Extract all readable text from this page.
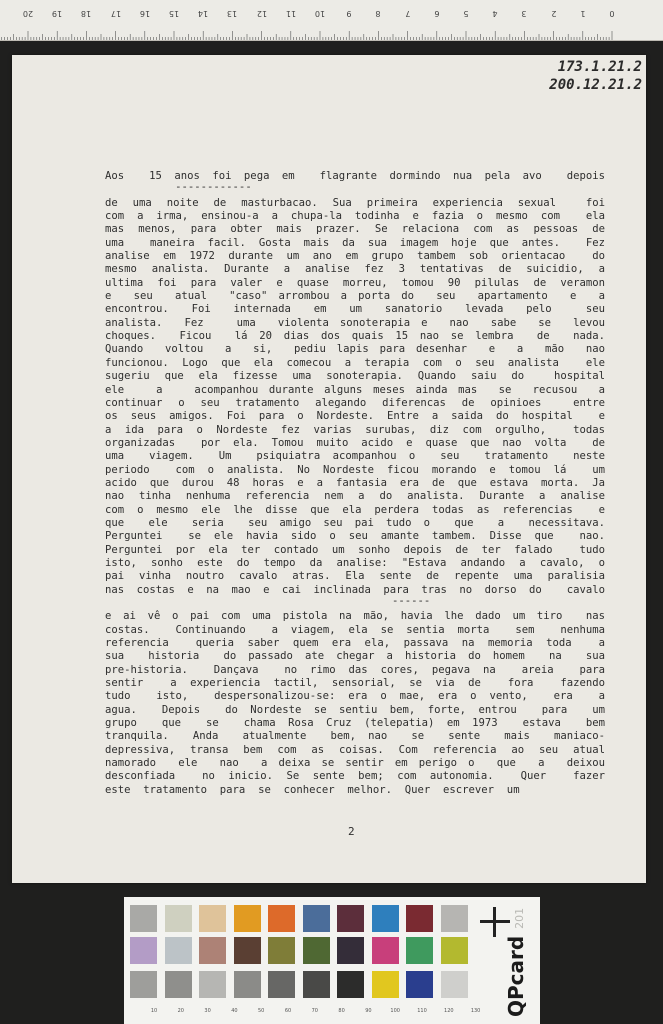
0
1
2
3
4
5
6
7
8
9
10
11
12
13
14
15
16
17
18
19
20
173.1.21.2
200.12.21.2
Aos  15 anos foi pega em  flagrante dormindo nua pela avo  depois
------------
de uma noite de masturbacao. Sua primeira experiencia sexual  foi
com a irma, ensinou-a a chupa-la todinha e fazia o mesmo com  ela
mas menos, para obter mais prazer. Se relaciona com as pessoas de
uma  maneira facil. Gosta mais da sua imagem hoje que antes.  Fez
analise em 1972 durante um ano em grupo tambem sob orientacao  do
mesmo analista. Durante a analise fez 3 tentativas de suicidio, a
ultima foi para valer e quase morreu, tomou 90 pilulas de veramon
e  seu  atual  "caso" arrombou a porta do  seu  apartamento  e  a
encontrou.  Foi  internada  em  um  sanatorio  levada  pelo   seu
analista.  Fez   uma  violenta sonoterapia e  nao  sabe  se  levou
choques.  Ficou  lá 20 dias dos quais 15 nao se lembra  de  nada.
Quando  voltou  a  si,  pediu lapis para desenhar  e  a  mão  nao
funcionou. Logo que ela comecou a terapia com o seu analista  ele
sugeriu que ela fizesse uma sonoterapia. Quando saiu do  hospital
ele   a   acompanhou durante alguns meses ainda mas  se  recusou  a
continuar o seu tratamento alegando diferencas de opinioes  entre
os seus amigos. Foi para o Nordeste. Entre a saida do hospital  e
a ida para o Nordeste fez varias surubas, diz com orgulho,  todas
organizadas  por ela. Tomou muito acido e quase que nao volta  de
uma  viagem.  Um  psiquiatra acompanhou o  seu  tratamento  neste
periodo  com o analista. No Nordeste ficou morando e tomou lá  um
acido que durou 48 horas e a fantasia era de que estava morta. Ja
nao tinha nenhuma referencia nem a do analista. Durante a analise
com o mesmo ele lhe disse que ela perdera todas as referencias  e
que  ele  seria  seu amigo seu pai tudo o  que  a  necessitava.
Perguntei  se ele havia sido o seu amante tambem. Disse que  nao.
Perguntei por ela ter contado um sonho depois de ter falado  tudo
isto, sonho este do tempo da analise: "Estava andando a cavalo, o
pai vinha noutro cavalo atras. Ela sente de repente uma paralisia
nas costas e na mao e cai inclinada para tras no dorso do  cavalo
------
e ai vê o pai com uma pistola na mão, havia lhe dado um tiro  nas
costas.  Continuando  a viagem, ela se sentia morta  sem  nenhuma
referencia  queria saber quem era ela, passava na memoria toda  a
sua  historia  do passado ate chegar a historia do homem  na  sua
pre-historia.  Dançava  no rimo das cores, pegava na  areia  para
sentir  a experiencia tactil, sensorial, se via de  fora  fazendo
tudo  isto,  despersonalizou-se: era o mae, era o vento,  era  a
agua.  Depois  do Nordeste se sentiu bem, forte, entrou  para  um
grupo  que  se  chama Rosa Cruz (telepatia) em 1973  estava  bem
tranquila.  Anda  atualmente  bem, nao  se  sente  mais  maniaco-
depressiva, transa bem com as coisas. Com referencia ao seu atual
namorado  ele  nao  a deixa se sentir em perigo o  que  a  deixou
desconfiada  no inicio. Se sente bem; com autonomia.  Quer  fazer
este  tratamento  para  se  conhecer  melhor.  Quer  escrever  um
2
QPcard 201
10	20	30	40	50	60	70	80	90	100	110	120	130
